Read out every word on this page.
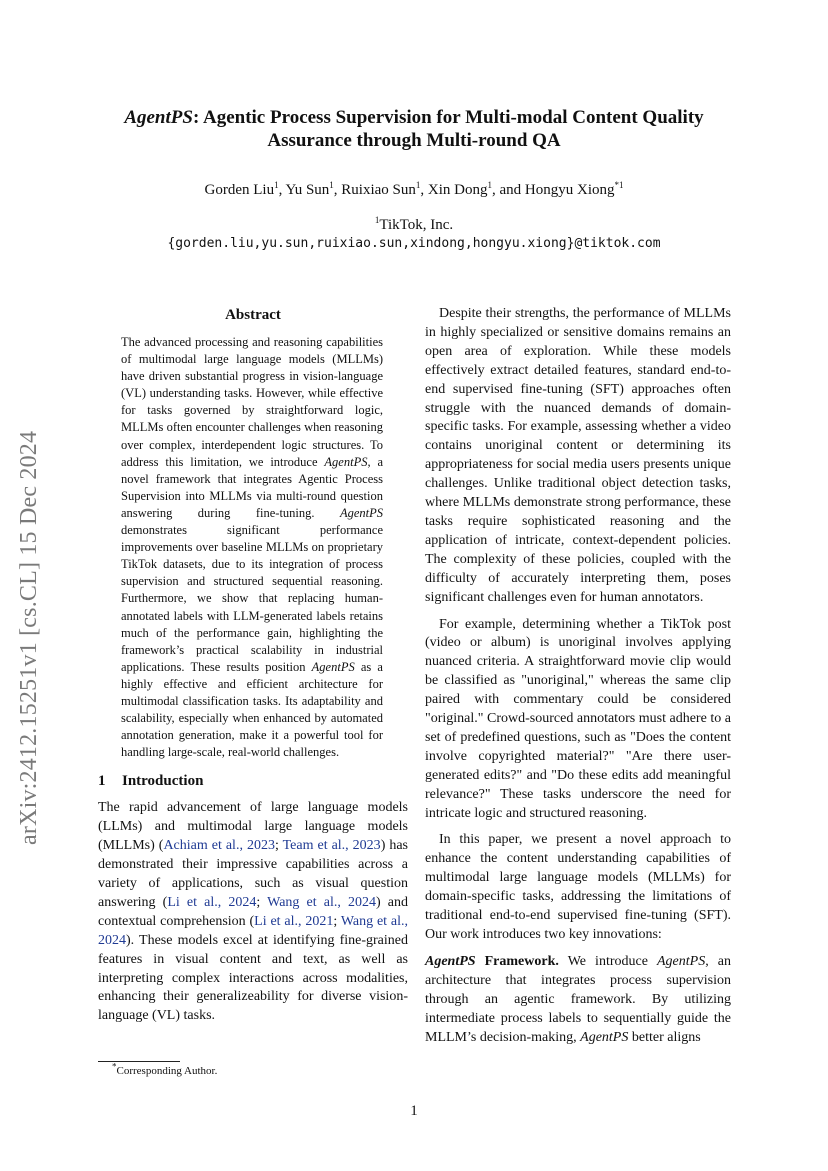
arXiv:2412.15251v1 [cs.CL] 15 Dec 2024
AgentPS: Agentic Process Supervision for Multi-modal Content Quality
Assurance through Multi-round QA
Gorden Liu$^1$, Yu Sun$^1$, Ruixiao Sun$^1$, Xin Dong$^1$, and Hongyu Xiong$^{*1}$
$^1$TikTok, Inc.
{gorden.liu,yu.sun,ruixiao.sun,xindong,hongyu.xiong}@tiktok.com
Abstract

The advanced processing and reasoning capabilities of multimodal large language models (MLLMs) have driven substantial progress in vision-language (VL) understanding tasks. However, while effective for tasks governed by straightforward logic, MLLMs often encounter challenges when reasoning over complex, interdependent logic structures. To address this limitation, we introduce AgentPS, a novel framework that integrates Agentic Process Supervision into MLLMs via multi-round question answering during fine-tuning. AgentPS demonstrates significant performance improvements over baseline MLLMs on proprietary TikTok datasets, due to its integration of process supervision and structured sequential reasoning. Furthermore, we show that replacing human-annotated labels with LLM-generated labels retains much of the performance gain, highlighting the framework’s practical scalability in industrial applications. These results position AgentPS as a highly effective and efficient architecture for multimodal classification tasks. Its adaptability and scalability, especially when enhanced by automated annotation generation, make it a powerful tool for handling large-scale, real-world challenges.

1 Introduction

The rapid advancement of large language models (LLMs) and multimodal large language models (MLLMs) (Achiam et al., 2023; Team et al., 2023) has demonstrated their impressive capabilities across a variety of applications, such as visual question answering (Li et al., 2024; Wang et al., 2024) and contextual comprehension (Li et al., 2021; Wang et al., 2024). These models excel at identifying fine-grained features in visual content and text, as well as interpreting complex interactions across modalities, enhancing their generalizeability for diverse vision-language (VL) tasks.

Despite their strengths, the performance of MLLMs in highly specialized or sensitive domains remains an open area of exploration. While these models effectively extract detailed features, standard end-to-end supervised fine-tuning (SFT) approaches often struggle with the nuanced demands of domain-specific tasks. For example, assessing whether a video contains unoriginal content or determining its appropriateness for social media users presents unique challenges. Unlike traditional object detection tasks, where MLLMs demonstrate strong performance, these tasks require sophisticated reasoning and the application of intricate, context-dependent policies. The complexity of these policies, coupled with the difficulty of accurately interpreting them, poses significant challenges even for human annotators.

For example, determining whether a TikTok post (video or album) is unoriginal involves applying nuanced criteria. A straightforward movie clip would be classified as "unoriginal," whereas the same clip paired with commentary could be considered "original." Crowd-sourced annotators must adhere to a set of predefined questions, such as "Does the content involve copyrighted material?" "Are there user-generated edits?" and "Do these edits add meaningful relevance?" These tasks underscore the need for intricate logic and structured reasoning.

In this paper, we present a novel approach to enhance the content understanding capabilities of multimodal large language models (MLLMs) for domain-specific tasks, addressing the limitations of traditional end-to-end supervised fine-tuning (SFT). Our work introduces two key innovations:

AgentPS Framework. We introduce AgentPS, an architecture that integrates process supervision through an agentic framework. By utilizing intermediate process labels to sequentially guide the MLLM’s decision-making, AgentPS better aligns

*Corresponding Author.
1
